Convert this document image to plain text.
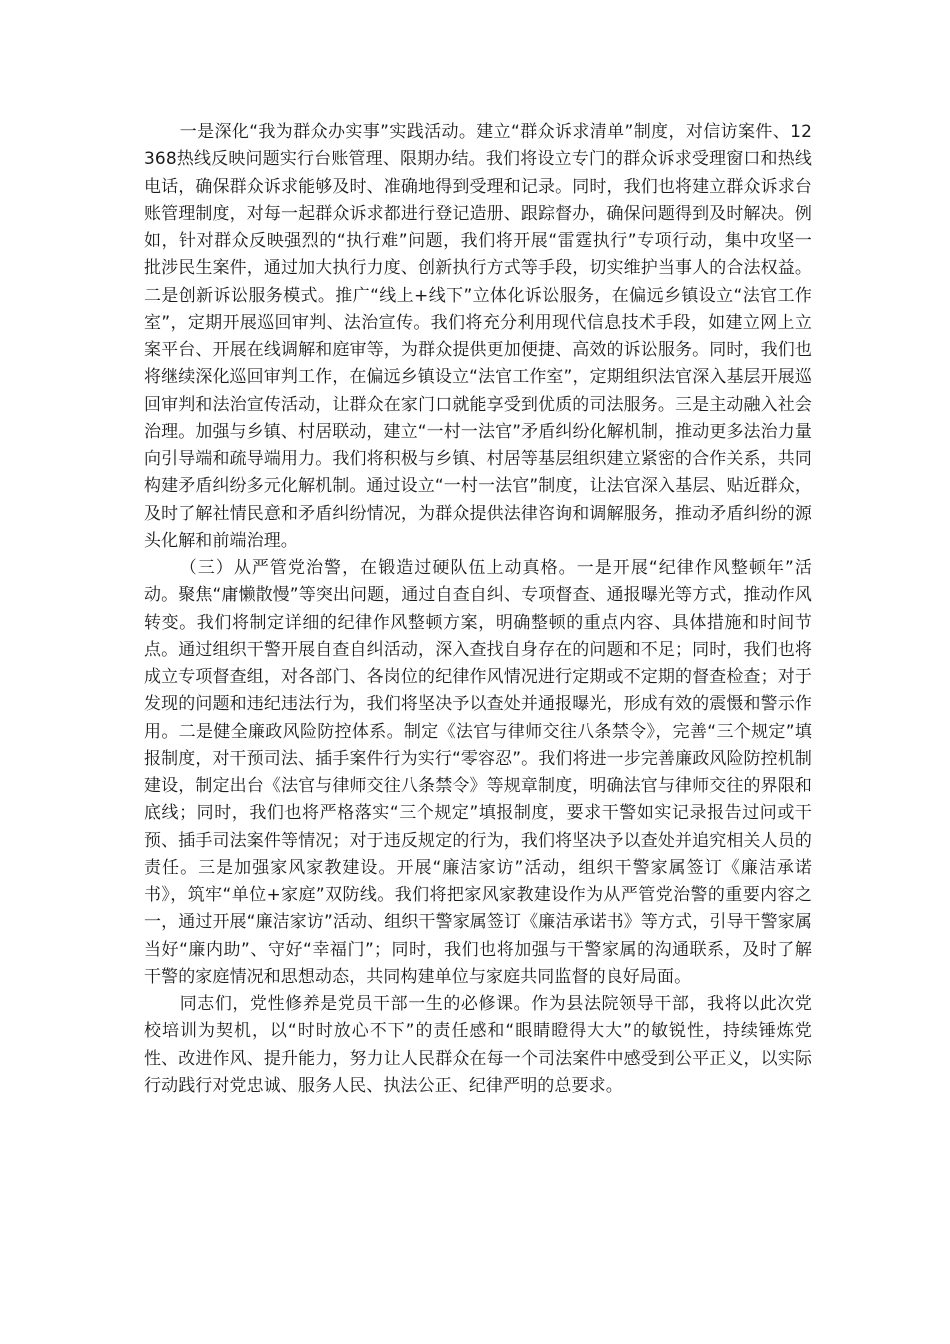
一是深化“我为群众办实事”实践活动。建立“群众诉求清单”制度，对信访案件、12368热线反映问题实行台账管理、限期办结。我们将设立专门的群众诉求受理窗口和热线电话，确保群众诉求能够及时、准确地得到受理和记录。同时，我们也将建立群众诉求台账管理制度，对每一起群众诉求都进行登记造册、跟踪督办，确保问题得到及时解决。例如，针对群众反映强烈的“执行难”问题，我们将开展“雷霆执行”专项行动，集中攻坚一批涉民生案件，通过加大执行力度、创新执行方式等手段，切实维护当事人的合法权益。二是创新诉讼服务模式。推广“线上+线下”立体化诉讼服务，在偏远乡镇设立“法官工作室”，定期开展巡回审判、法治宣传。我们将充分利用现代信息技术手段，如建立网上立案平台、开展在线调解和庭审等，为群众提供更加便捷、高效的诉讼服务。同时，我们也将继续深化巡回审判工作，在偏远乡镇设立“法官工作室”，定期组织法官深入基层开展巡回审判和法治宣传活动，让群众在家门口就能享受到优质的司法服务。三是主动融入社会治理。加强与乡镇、村居联动，建立“一村一法官”矛盾纠纷化解机制，推动更多法治力量向引导端和疏导端用力。我们将积极与乡镇、村居等基层组织建立紧密的合作关系，共同构建矛盾纠纷多元化解机制。通过设立“一村一法官”制度，让法官深入基层、贴近群众，及时了解社情民意和矛盾纠纷情况，为群众提供法律咨询和调解服务，推动矛盾纠纷的源头化解和前端治理。

（三）从严管党治警，在锻造过硬队伍上动真格。一是开展“纪律作风整顿年”活动。聚焦“庸懒散慢”等突出问题，通过自查自纠、专项督查、通报曝光等方式，推动作风转变。我们将制定详细的纪律作风整顿方案，明确整顿的重点内容、具体措施和时间节点。通过组织干警开展自查自纠活动，深入查找自身存在的问题和不足；同时，我们也将成立专项督查组，对各部门、各岗位的纪律作风情况进行定期或不定期的督查检查；对于发现的问题和违纪违法行为，我们将坚决予以查处并通报曝光，形成有效的震慑和警示作用。二是健全廉政风险防控体系。制定《法官与律师交往八条禁令》，完善“三个规定”填报制度，对干预司法、插手案件行为实行“零容忍”。我们将进一步完善廉政风险防控机制建设，制定出台《法官与律师交往八条禁令》等规章制度，明确法官与律师交往的界限和底线；同时，我们也将严格落实“三个规定”填报制度，要求干警如实记录报告过问或干预、插手司法案件等情况；对于违反规定的行为，我们将坚决予以查处并追究相关人员的责任。三是加强家风家教建设。开展“廉洁家访”活动，组织干警家属签订《廉洁承诺书》，筑牢“单位+家庭”双防线。我们将把家风家教建设作为从严管党治警的重要内容之一，通过开展“廉洁家访”活动、组织干警家属签订《廉洁承诺书》等方式，引导干警家属当好“廉内助”、守好“幸福门”；同时，我们也将加强与干警家属的沟通联系，及时了解干警的家庭情况和思想动态，共同构建单位与家庭共同监督的良好局面。

同志们，党性修养是党员干部一生的必修课。作为县法院领导干部，我将以此次党校培训为契机，以“时时放心不下”的责任感和“眼睛瞪得大大”的敏锐性，持续锤炼党性、改进作风、提升能力，努力让人民群众在每一个司法案件中感受到公平正义，以实际行动践行对党忠诚、服务人民、执法公正、纪律严明的总要求。
